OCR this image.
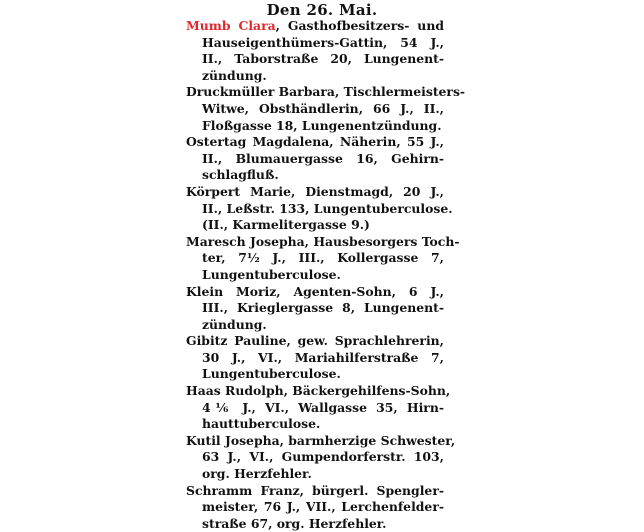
Den 26. Mai.

Mumb Clara, Gasthofbesitzers- und
Hauseigenthümers-Gattin, 54 J.,
II., Taborstraße 20, Lungenent-
zündung.

Druckmüller Barbara, Tischlermeisters-
Witwe, Obsthändlerin, 66 J., II.,
Floßgasse 18, Lungenentzündung.

Ostertag Magdalena, Näherin, 55 J.,
II., Blumauergasse 16, Gehirn-
schlagfluß.

Körpert Marie, Dienstmagd, 20 J.,
II., Leßstr. 133, Lungentuberculose.
(II., Karmelitergasse 9.)

Maresch Josepha, Hausbesorgers Toch-
ter, 7½ J., III., Kollergasse 7,
Lungentuberculose.

Klein Moriz, Agenten-Sohn, 6 J.,
III., Krieglergasse 8, Lungenent-
zündung.

Gibitz Pauline, gew. Sprachlehrerin,
30 J., VI., Mariahilferstraße 7,
Lungentuberculose.

Haas Rudolph, Bäckergehilfens-Sohn,
4⅙ J., VI., Wallgasse 35, Hirn-
hauttuberculose.

Kutil Josepha, barmherzige Schwester,
63 J., VI., Gumpendorferstr. 103,
org. Herzfehler.

Schramm Franz, bürgerl. Spengler-
meister, 76 J., VII., Lerchenfelder-
straße 67, org. Herzfehler.
